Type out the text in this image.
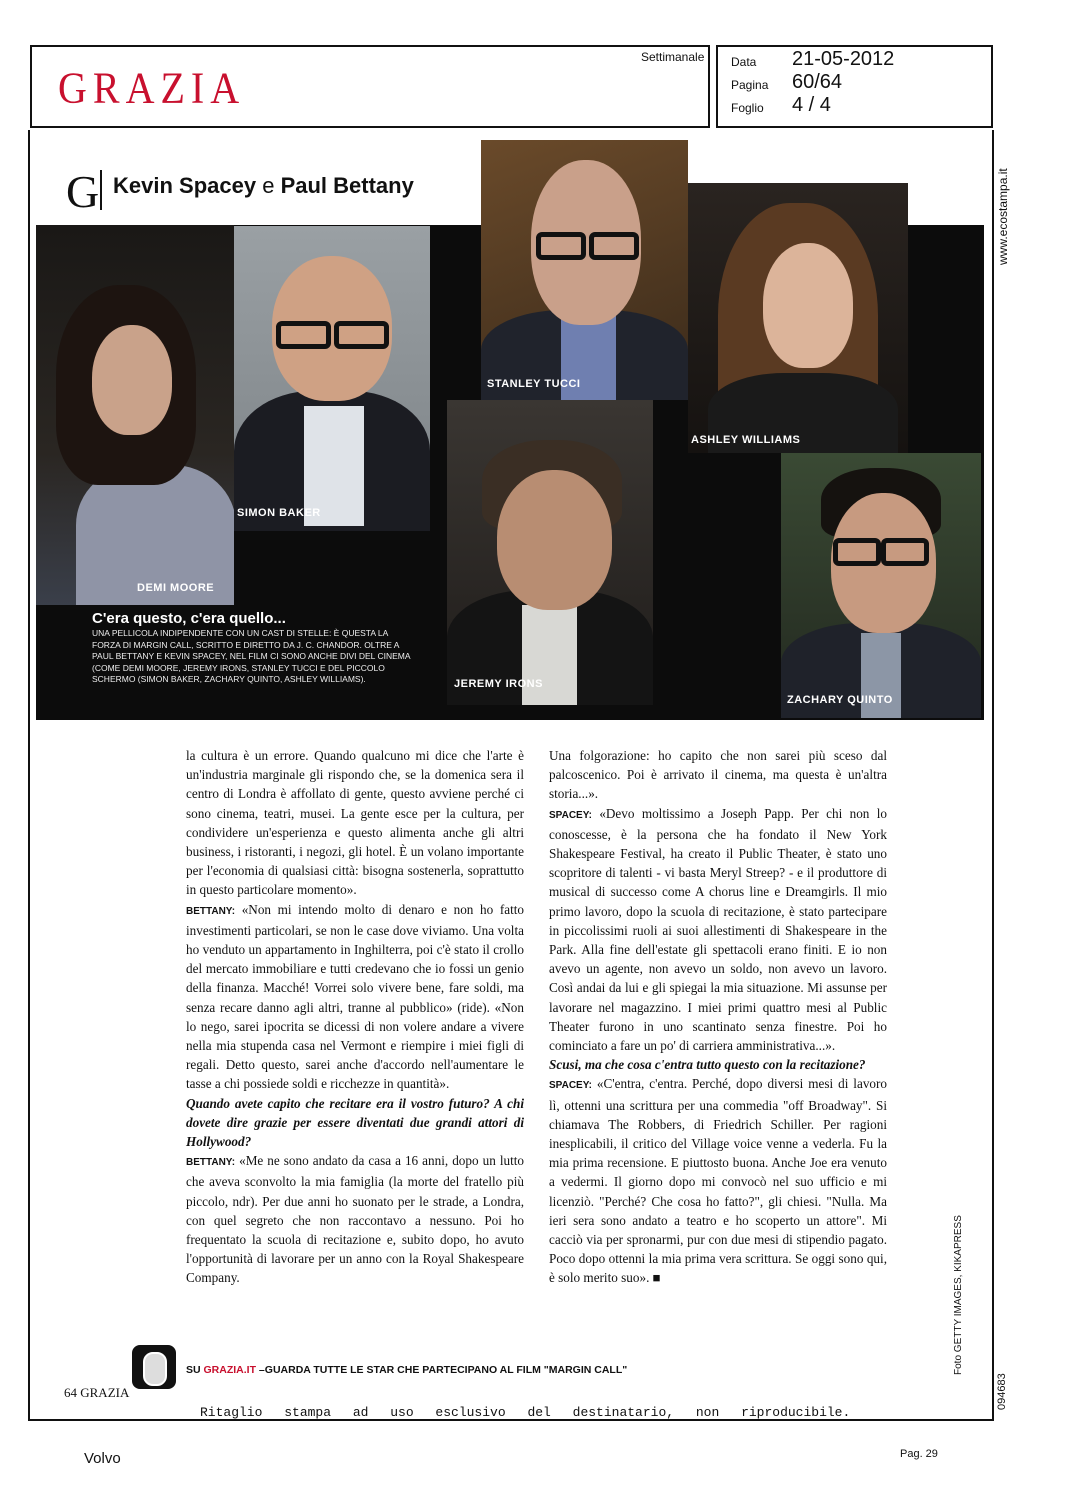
GRAZIA
Settimanale Data 21-05-2012
Pagina 60/64
Foglio 4 / 4
www.ecostampa.it
094683
Foto GETTY IMAGES, KIKAPRESS
G Kevin Spacey e Paul Bettany
DEMI MOORE
SIMON BAKER
STANLEY TUCCI
ASHLEY WILLIAMS
JEREMY IRONS
ZACHARY QUINTO
C'era questo, c'era quello...
UNA PELLICOLA INDIPENDENTE CON UN CAST DI STELLE: È QUESTA LA FORZA DI MARGIN CALL, SCRITTO E DIRETTO DA J. C. CHANDOR. OLTRE A PAUL BETTANY E KEVIN SPACEY, NEL FILM CI SONO ANCHE DIVI DEL CINEMA (COME DEMI MOORE, JEREMY IRONS, STANLEY TUCCI E DEL PICCOLO SCHERMO (SIMON BAKER, ZACHARY QUINTO, ASHLEY WILLIAMS).

la cultura è un errore. Quando qualcuno mi dice che l'arte è un'industria marginale gli rispondo che, se la domenica sera il centro di Londra è affollato di gente, questo avviene perché ci sono cinema, teatri, musei. La gente esce per la cultura, per condividere un'esperienza e questo alimenta anche gli altri business, i ristoranti, i negozi, gli hotel. È un volano importante per l'economia di qualsiasi città: bisogna sostenerla, soprattutto in questo particolare momento».

BETTANY: «Non mi intendo molto di denaro e non ho fatto investimenti particolari, se non le case dove viviamo. Una volta ho venduto un appartamento in Inghilterra, poi c'è stato il crollo del mercato immobiliare e tutti credevano che io fossi un genio della finanza. Macché! Vorrei solo vivere bene, fare soldi, ma senza recare danno agli altri, tranne al pubblico» (ride). «Non lo nego, sarei ipocrita se dicessi di non volere andare a vivere nella mia stupenda casa nel Vermont e riempire i miei figli di regali. Detto questo, sarei anche d'accordo nell'aumentare le tasse a chi possiede soldi e ricchezze in quantità».

Quando avete capito che recitare era il vostro futuro? A chi dovete dire grazie per essere diventati due grandi attori di Hollywood?

BETTANY: «Me ne sono andato da casa a 16 anni, dopo un lutto che aveva sconvolto la mia famiglia (la morte del fratello più piccolo, ndr). Per due anni ho suonato per le strade, a Londra, con quel segreto che non raccontavo a nessuno. Poi ho frequentato la scuola di recitazione e, subito dopo, ho avuto l'opportunità di lavorare per un anno con la Royal Shakespeare Company.

Una folgorazione: ho capito che non sarei più sceso dal palcoscenico. Poi è arrivato il cinema, ma questa è un'altra storia...».

SPACEY: «Devo moltissimo a Joseph Papp. Per chi non lo conoscesse, è la persona che ha fondato il New York Shakespeare Festival, ha creato il Public Theater, è stato uno scopritore di talenti - vi basta Meryl Streep? - e il produttore di musical di successo come A chorus line e Dreamgirls. Il mio primo lavoro, dopo la scuola di recitazione, è stato partecipare in piccolissimi ruoli ai suoi allestimenti di Shakespeare in the Park. Alla fine dell'estate gli spettacoli erano finiti. E io non avevo un agente, non avevo un soldo, non avevo un lavoro. Così andai da lui e gli spiegai la mia situazione. Mi assunse per lavorare nel magazzino. I miei primi quattro mesi al Public Theater furono in uno scantinato senza finestre. Poi ho cominciato a fare un po' di carriera amministrativa...».

Scusi, ma che cosa c'entra tutto questo con la recitazione?

SPACEY: «C'entra, c'entra. Perché, dopo diversi mesi di lavoro lì, ottenni una scrittura per una commedia "off Broadway". Si chiamava The Robbers, di Friedrich Schiller. Per ragioni inesplicabili, il critico del Village voice venne a vederla. Fu la mia prima recensione. E piuttosto buona. Anche Joe era venuto a vedermi. Il giorno dopo mi convocò nel suo ufficio e mi licenziò. "Perché? Che cosa ho fatto?", gli chiesi. "Nulla. Ma ieri sera sono andato a teatro e ho scoperto un attore". Mi cacciò via per spronarmi, pur con due mesi di stipendio pagato. Poco dopo ottenni la mia prima vera scrittura. Se oggi sono qui, è solo merito suo». ■

SU GRAZIA.IT –GUARDA TUTTE LE STAR CHE PARTECIPANO AL FILM "MARGIN CALL"
64 GRAZIA
Ritaglio stampa ad uso esclusivo del destinatario, non riproducibile.
Volvo	Pag. 29
